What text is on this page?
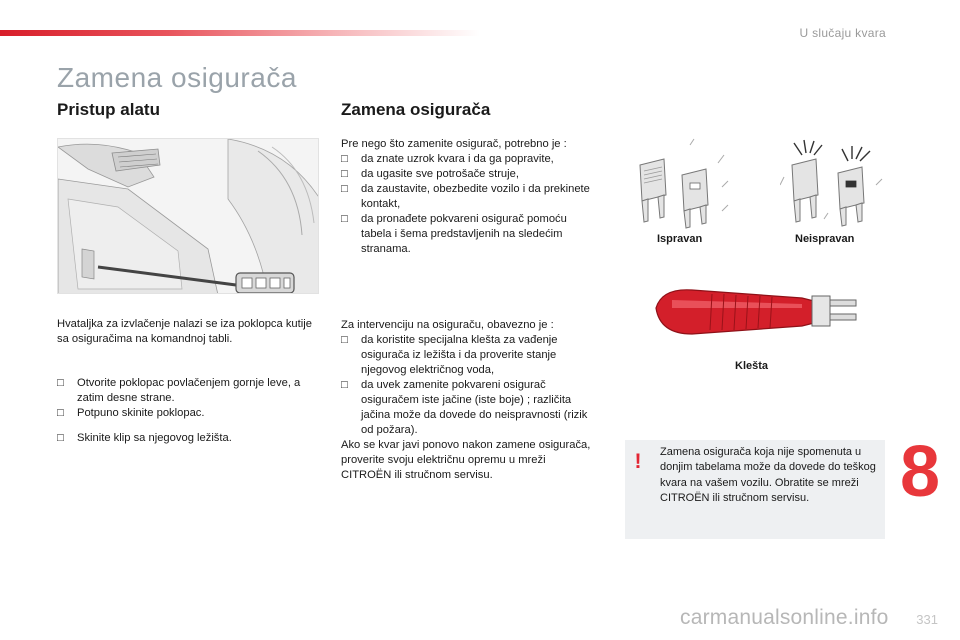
U slučaju kvara
Zamena osigurača
Pristup alatu	Zamena osigurača

Hvataljka za izvlačenje nalazi se iza poklopca kutije sa osiguračima na komandnoj tabli.

□	Otvorite poklopac povlačenjem gornje leve, a zatim desne strane.
□	Potpuno skinite poklopac.
□	Skinite klip sa njegovog ležišta.

Pre nego što zamenite osigurač, potrebno je :

□	da znate uzrok kvara i da ga popravite,
□	da ugasite sve potrošače struje,
□	da zaustavite, obezbedite vozilo i da prekinete kontakt,
□	da pronađete pokvareni osigurač pomoću tabela i šema predstavljenih na sledećim stranama.

Za intervenciju na osiguraču, obavezno je :

□	da koristite specijalna klešta za vađenje osigurača iz ležišta i da proverite stanje njegovog električnog voda,
□	da uvek zamenite pokvareni osigurač osiguračem iste jačine (iste boje) ; različita jačina može da dovede do neispravnosti (rizik od požara).

Ako se kvar javi ponovo nakon zamene osigurača, proverite svoju električnu opremu u mreži CITROËN ili stručnom servisu.

Ispravan	Neispravan
Klešta
!	Zamena osigurača koja nije spomenuta u donjim tabelama može da dovede do teškog kvara na vašem vozilu. Obratite se mreži CITROËN ili stručnom servisu.	8
carmanualsonline.info 331
